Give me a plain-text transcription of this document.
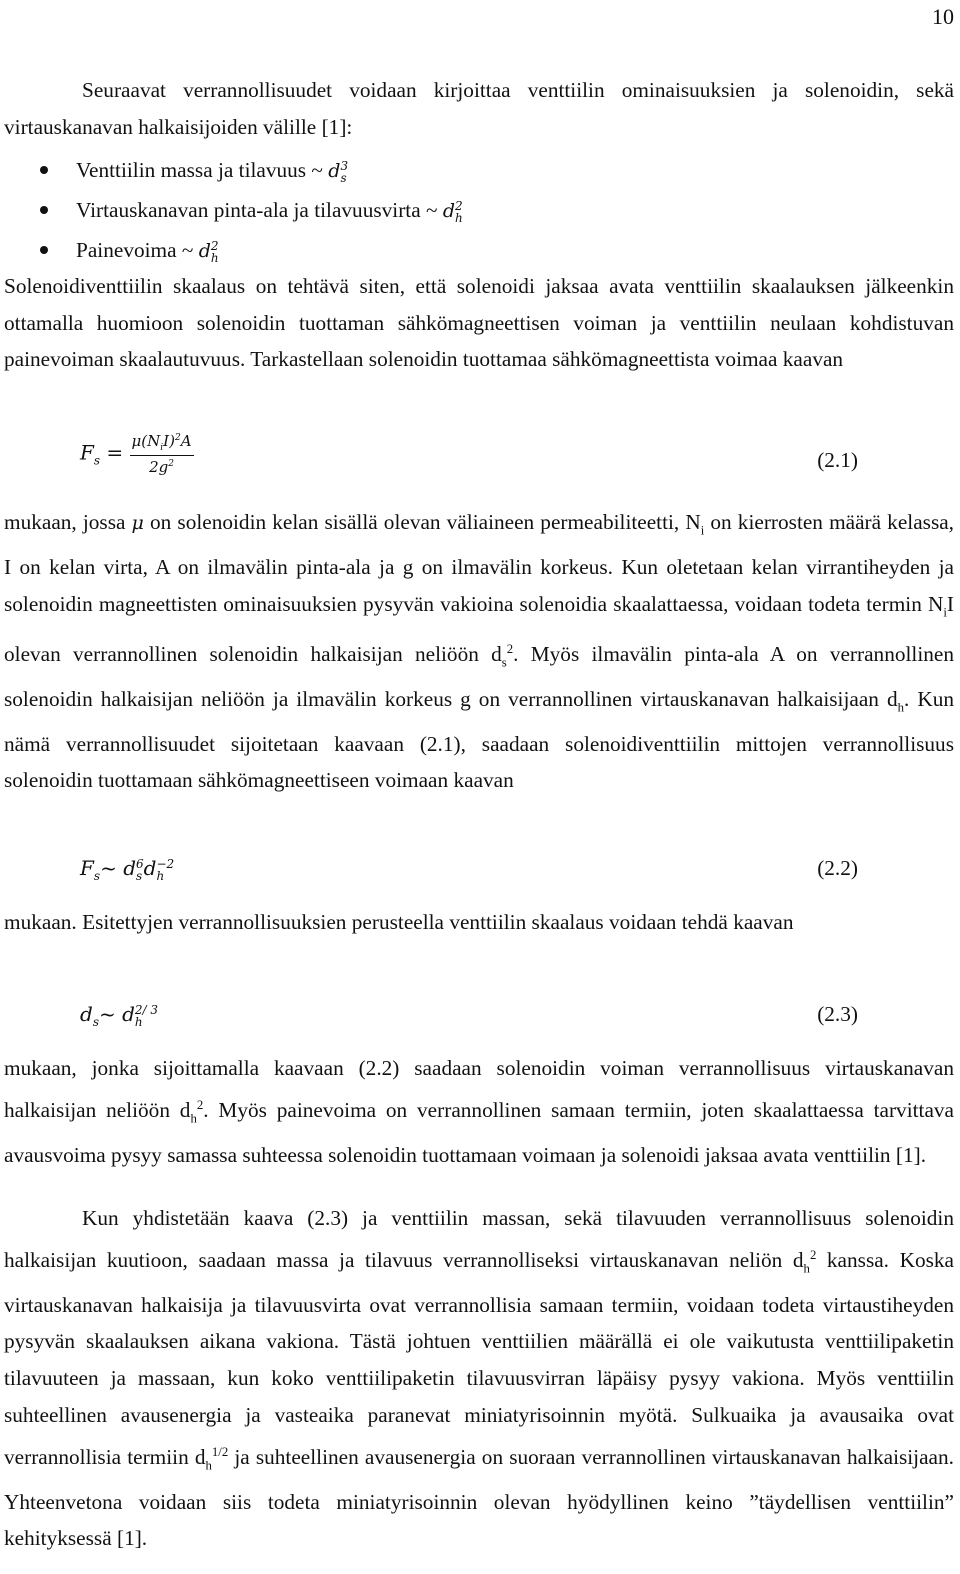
10
Seuraavat verrannollisuudet voidaan kirjoittaa venttiilin ominaisuuksien ja solenoidin, sekä virtauskanavan halkaisijoiden välille [1]:
Venttiilin massa ja tilavuus ~ d 3
s
Virtauskanavan pinta-ala ja tilavuusvirta ~ d 2
h
Painevoima ~ d 2
h
Solenoidiventtiilin skaalaus on tehtävä siten, että solenoidi jaksaa avata venttiilin skaalauksen jälkeenkin ottamalla huomioon solenoidin tuottaman sähkömagneettisen voiman ja venttiilin neulaan kohdistuvan painevoiman skaalautuvuus. Tarkastellaan solenoidin tuottamaa sähkömagneettista voimaa kaavan
$F_s = \frac{\mu(N_iI)^2A}{2g^2}$	(2.1)
mukaan, jossa μ on solenoidin kelan sisällä olevan väliaineen permeabiliteetti, $N_i$ on kierrosten määrä kelassa, I on kelan virta, A on ilmavälin pinta-ala ja g on ilmavälin korkeus. Kun oletetaan kelan virrantiheyden ja solenoidin magneettisten ominaisuuksien pysyvän vakioina solenoidia skaalattaessa, voidaan todeta termin $N_iI$ olevan verrannollinen solenoidin halkaisijan neliöön $d_s^2$. Myös ilmavälin pinta-ala A on verrannollinen solenoidin halkaisijan neliöön ja ilmavälin korkeus g on verrannollinen virtauskanavan halkaisijaan $d_h$. Kun nämä verrannollisuudet sijoitetaan kaavaan (2.1), saadaan solenoidiventtiilin mittojen verrannollisuus solenoidin tuottamaan sähkömagneettiseen voimaan kaavan
$F_s\sim$ d 6
s d −2
h	(2.2)
mukaan. Esitettyjen verrannollisuuksien perusteella venttiilin skaalaus voidaan tehdä kaavan
$d_s\sim$ d 2/ 3
h	(2.3)
mukaan, jonka sijoittamalla kaavaan (2.2) saadaan solenoidin voiman verrannollisuus virtauskanavan halkaisijan neliöön $d_h^2$. Myös painevoima on verrannollinen samaan termiin, joten skaalattaessa tarvittava avausvoima pysyy samassa suhteessa solenoidin tuottamaan voimaan ja solenoidi jaksaa avata venttiilin [1].
Kun yhdistetään kaava (2.3) ja venttiilin massan, sekä tilavuuden verrannollisuus solenoidin halkaisijan kuutioon, saadaan massa ja tilavuus verrannolliseksi virtauskanavan neliön $d_h^2$ kanssa. Koska virtauskanavan halkaisija ja tilavuusvirta ovat verrannollisia samaan termiin, voidaan todeta virtaustiheyden pysyvän skaalauksen aikana vakiona. Tästä johtuen venttiilien määrällä ei ole vaikutusta venttiilipaketin tilavuuteen ja massaan, kun koko venttiilipaketin tilavuusvirran läpäisy pysyy vakiona. Myös venttiilin suhteellinen avausenergia ja vasteaika paranevat miniatyrisoinnin myötä. Sulkuaika ja avausaika ovat verrannollisia termiin $d_h^{1/2}$ ja suhteellinen avausenergia on suoraan verrannollinen virtauskanavan halkaisijaan. Yhteenvetona voidaan siis todeta miniatyrisoinnin olevan hyödyllinen keino ”täydellisen venttiilin” kehityksessä [1].
